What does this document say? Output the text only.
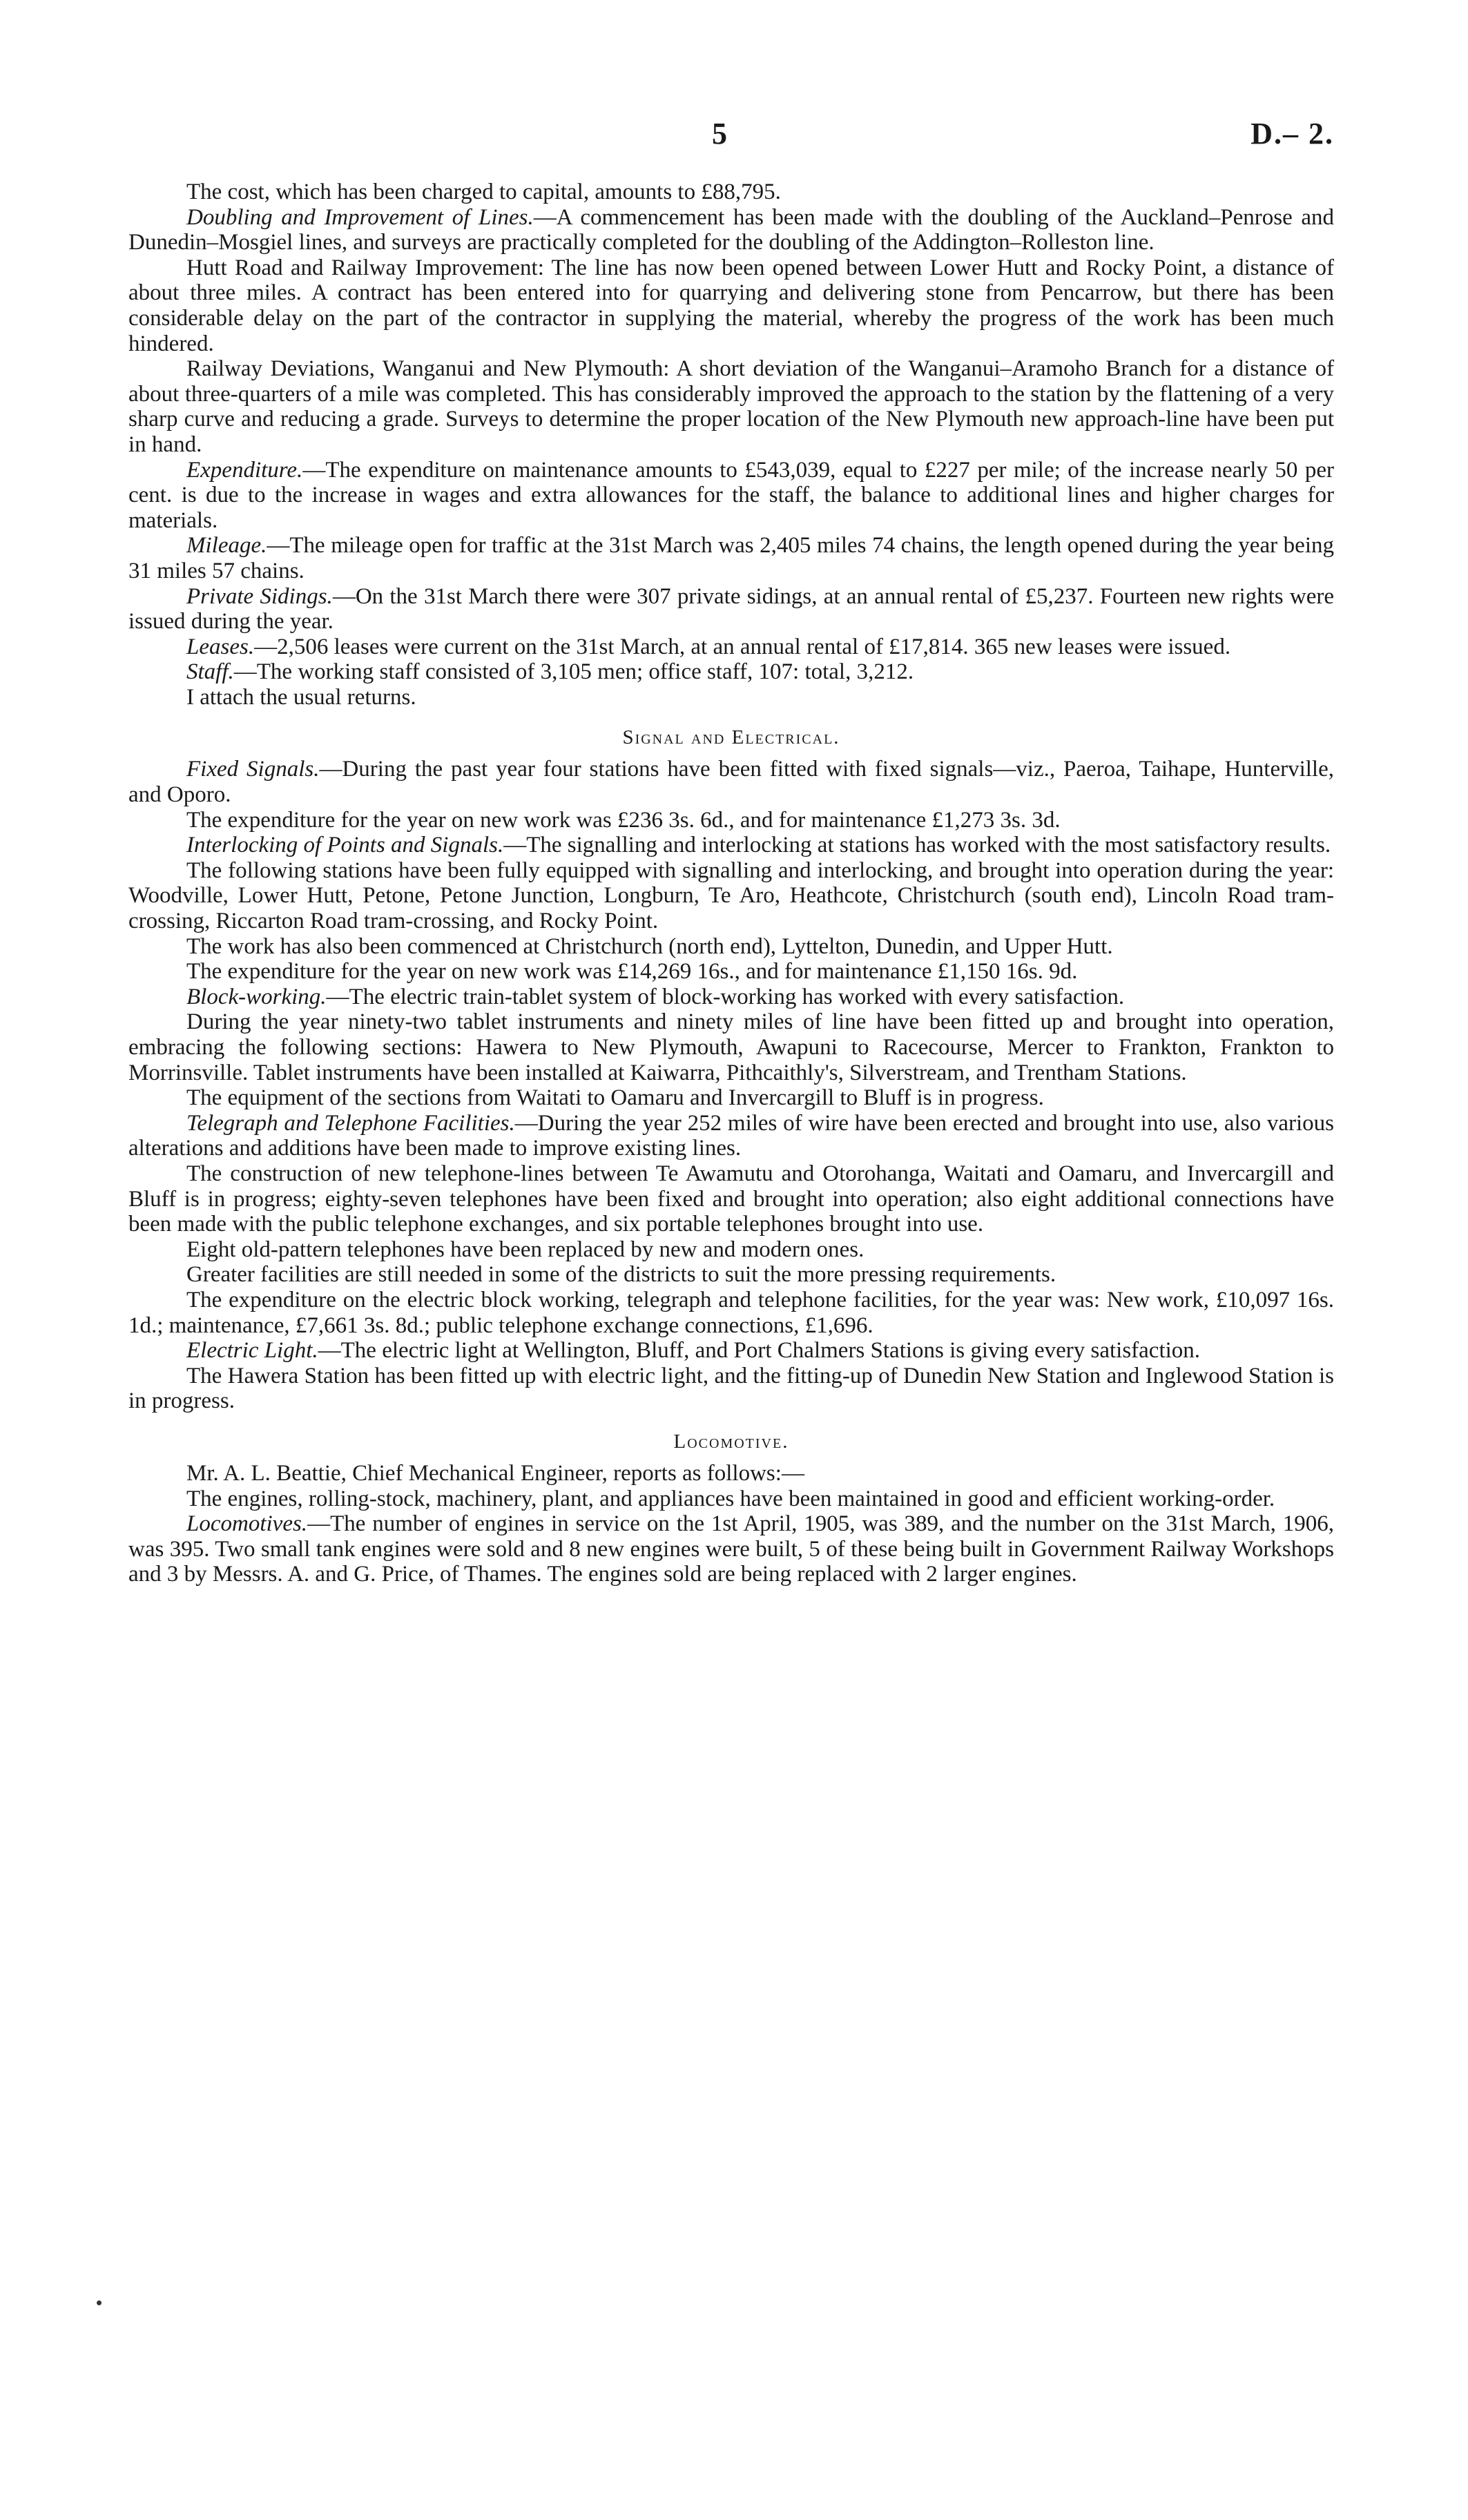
5	D.– 2.

The cost, which has been charged to capital, amounts to £88,795.

Doubling and Improvement of Lines.—A commencement has been made with the doubling of the Auckland–Penrose and Dunedin–Mosgiel lines, and surveys are practically completed for the doubling of the Addington–Rolleston line.

Hutt Road and Railway Improvement: The line has now been opened between Lower Hutt and Rocky Point, a distance of about three miles. A contract has been entered into for quarrying and delivering stone from Pencarrow, but there has been considerable delay on the part of the contractor in supplying the material, whereby the progress of the work has been much hindered.

Railway Deviations, Wanganui and New Plymouth: A short deviation of the Wanganui–Aramoho Branch for a distance of about three-quarters of a mile was completed. This has considerably improved the approach to the station by the flattening of a very sharp curve and reducing a grade. Surveys to determine the proper location of the New Plymouth new approach-line have been put in hand.

Expenditure.—The expenditure on maintenance amounts to £543,039, equal to £227 per mile; of the increase nearly 50 per cent. is due to the increase in wages and extra allowances for the staff, the balance to additional lines and higher charges for materials.

Mileage.—The mileage open for traffic at the 31st March was 2,405 miles 74 chains, the length opened during the year being 31 miles 57 chains.

Private Sidings.—On the 31st March there were 307 private sidings, at an annual rental of £5,237. Fourteen new rights were issued during the year.

Leases.—2,506 leases were current on the 31st March, at an annual rental of £17,814. 365 new leases were issued.

Staff.—The working staff consisted of 3,105 men; office staff, 107: total, 3,212.

I attach the usual returns.

Signal and Electrical.

Fixed Signals.—During the past year four stations have been fitted with fixed signals—viz., Paeroa, Taihape, Hunterville, and Oporo.

The expenditure for the year on new work was £236 3s. 6d., and for maintenance £1,273 3s. 3d.

Interlocking of Points and Signals.—The signalling and interlocking at stations has worked with the most satisfactory results.

The following stations have been fully equipped with signalling and interlocking, and brought into operation during the year: Woodville, Lower Hutt, Petone, Petone Junction, Longburn, Te Aro, Heathcote, Christchurch (south end), Lincoln Road tram-crossing, Riccarton Road tram-crossing, and Rocky Point.

The work has also been commenced at Christchurch (north end), Lyttelton, Dunedin, and Upper Hutt.

The expenditure for the year on new work was £14,269 16s., and for maintenance £1,150 16s. 9d.

Block-working.—The electric train-tablet system of block-working has worked with every satisfaction.

During the year ninety-two tablet instruments and ninety miles of line have been fitted up and brought into operation, embracing the following sections: Hawera to New Plymouth, Awapuni to Racecourse, Mercer to Frankton, Frankton to Morrinsville. Tablet instruments have been installed at Kaiwarra, Pithcaithly's, Silverstream, and Trentham Stations.

The equipment of the sections from Waitati to Oamaru and Invercargill to Bluff is in progress.

Telegraph and Telephone Facilities.—During the year 252 miles of wire have been erected and brought into use, also various alterations and additions have been made to improve existing lines.

The construction of new telephone-lines between Te Awamutu and Otorohanga, Waitati and Oamaru, and Invercargill and Bluff is in progress; eighty-seven telephones have been fixed and brought into operation; also eight additional connections have been made with the public telephone exchanges, and six portable telephones brought into use.

Eight old-pattern telephones have been replaced by new and modern ones.

Greater facilities are still needed in some of the districts to suit the more pressing requirements.

The expenditure on the electric block working, telegraph and telephone facilities, for the year was: New work, £10,097 16s. 1d.; maintenance, £7,661 3s. 8d.; public telephone exchange connections, £1,696.

Electric Light.—The electric light at Wellington, Bluff, and Port Chalmers Stations is giving every satisfaction.

The Hawera Station has been fitted up with electric light, and the fitting-up of Dunedin New Station and Inglewood Station is in progress.

Locomotive.

Mr. A. L. Beattie, Chief Mechanical Engineer, reports as follows:—

The engines, rolling-stock, machinery, plant, and appliances have been maintained in good and efficient working-order.

Locomotives.—The number of engines in service on the 1st April, 1905, was 389, and the number on the 31st March, 1906, was 395. Two small tank engines were sold and 8 new engines were built, 5 of these being built in Government Railway Workshops and 3 by Messrs. A. and G. Price, of Thames. The engines sold are being replaced with 2 larger engines.
